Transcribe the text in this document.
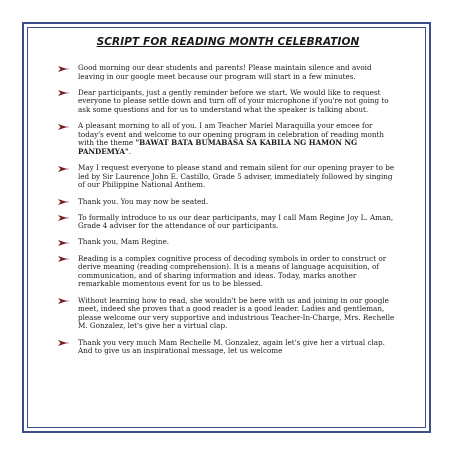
SCRIPT FOR READING MONTH CELEBRATION
Good morning our dear students and parents! Please maintain silence and avoid leaving in our google meet because our program will start in a few minutes.
Dear participants, just a gently reminder before we start. We would like to request everyone to please settle down and turn off of your microphone if you're not going to ask some questions and for us to understand what the speaker is talking about.
A pleasant morning to all of you. I am Teacher Mariel Maraquilla your emcee for today's event and welcome to our opening program in celebration of reading month with the theme "BAWAT BATA BUMABASA SA KABILA NG HAMON NG PANDEMYA".
May I request everyone to please stand and remain silent for our opening prayer to be led by Sir Laurence John E. Castillo, Grade 5 adviser, immediately followed by singing of our Philippine National Anthem.
Thank you. You may now be seated.
To formally introduce to us our dear participants, may I call Mam Regine Joy L. Aman, Grade 4 adviser for the attendance of our participants.
Thank you, Mam Regine.
Reading is a complex cognitive process of decoding symbols in order to construct or derive meaning (reading comprehension). It is a means of language acquisition, of communication, and of sharing information and ideas. Today, marks another remarkable momentous event for us to be blessed.
Without learning how to read, she wouldn't be here with us and joining in our google meet, indeed she proves that a good reader is a good leader. Ladies and gentleman, please welcome our very supportive and industrious Teacher-In-Charge, Mrs. Rechelle M. Gonzalez, let's give her a virtual clap.
Thank you very much Mam Rechelle M. Gonzalez, again let's give her a virtual clap. And to give us an inspirational message, let us welcome
